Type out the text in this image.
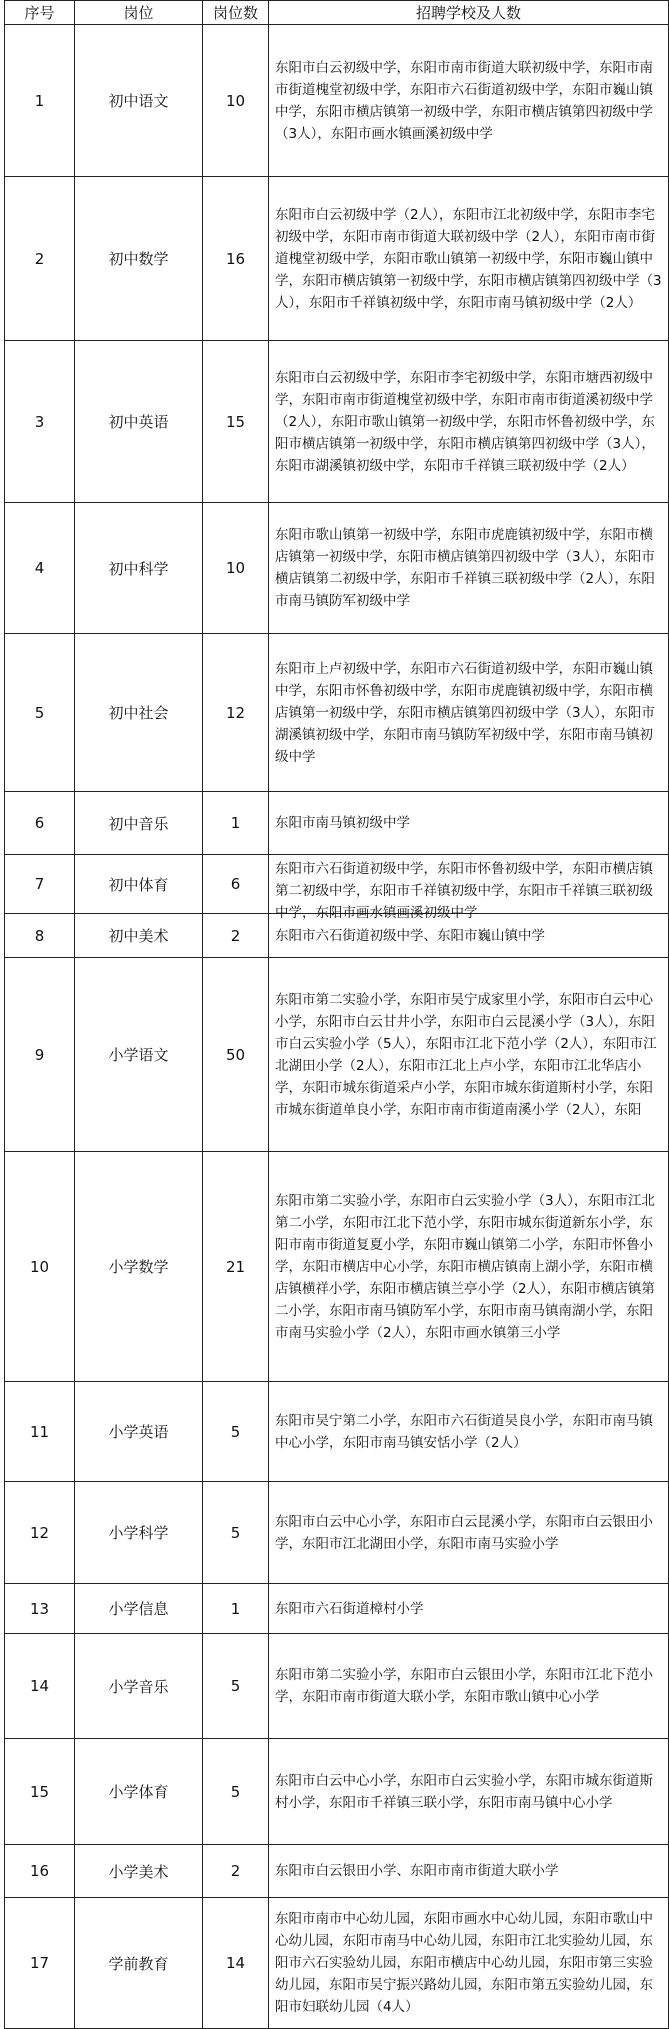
序号	岗位	岗位数	招聘学校及人数
1	初中语文	10	东阳市白云初级中学，东阳市南市街道大联初级中学，东阳市南市街道槐堂初级中学，东阳市六石街道初级中学，东阳市巍山镇中学，东阳市横店镇第一初级中学，东阳市横店镇第四初级中学（3人），东阳市画水镇画溪初级中学
2	初中数学	16	东阳市白云初级中学（2人），东阳市江北初级中学，东阳市李宅初级中学，东阳市南市街道大联初级中学（2人），东阳市南市街道槐堂初级中学，东阳市歌山镇第一初级中学，东阳市巍山镇中学，东阳市横店镇第一初级中学，东阳市横店镇第四初级中学（3人），东阳市千祥镇初级中学，东阳市南马镇初级中学（2人）
3	初中英语	15	东阳市白云初级中学，东阳市李宅初级中学，东阳市塘西初级中学，东阳市南市街道槐堂初级中学，东阳市南市街道溪初级中学（2人），东阳市歌山镇第一初级中学，东阳市怀鲁初级中学，东阳市横店镇第一初级中学，东阳市横店镇第四初级中学（3人），东阳市湖溪镇初级中学，东阳市千祥镇三联初级中学（2人）
4	初中科学	10	东阳市歌山镇第一初级中学，东阳市虎鹿镇初级中学，东阳市横店镇第一初级中学，东阳市横店镇第四初级中学（3人），东阳市横店镇第二初级中学，东阳市千祥镇三联初级中学（2人），东阳市南马镇防军初级中学
5	初中社会	12	东阳市上卢初级中学，东阳市六石街道初级中学，东阳市巍山镇中学，东阳市怀鲁初级中学，东阳市虎鹿镇初级中学，东阳市横店镇第一初级中学，东阳市横店镇第四初级中学（3人），东阳市湖溪镇初级中学，东阳市南马镇防军初级中学，东阳市南马镇初级中学
6	初中音乐	1	东阳市南马镇初级中学
7	初中体育	6	东阳市六石街道初级中学，东阳市怀鲁初级中学，东阳市横店镇第二初级中学，东阳市千祥镇初级中学，东阳市千祥镇三联初级中学，东阳市画水镇画溪初级中学

8	初中美术	2	东阳市六石街道初级中学、东阳市巍山镇中学
9	小学语文	50	东阳市第二实验小学，东阳市吴宁成家里小学，东阳市白云中心小学，东阳市白云甘井小学，东阳市白云昆溪小学（3人），东阳市白云实验小学（5人），东阳市江北下范小学（2人），东阳市江北湖田小学（2人），东阳市江北上卢小学，东阳市江北华店小学，东阳市城东街道采卢小学，东阳市城东街道斯村小学，东阳市城东街道单良小学，东阳市南市街道南溪小学（2人），东阳

10	小学数学	21	东阳市第二实验小学，东阳市白云实验小学（3人），东阳市江北第二小学，东阳市江北下范小学，东阳市城东街道新东小学，东阳市南市街道复夏小学，东阳市巍山镇第二小学，东阳市怀鲁小学，东阳市横店中心小学，东阳市横店镇南上湖小学，东阳市横店镇横祥小学，东阳市横店镇兰亭小学（2人），东阳市横店镇第二小学，东阳市南马镇防军小学，东阳市南马镇南湖小学，东阳市南马实验小学（2人），东阳市画水镇第三小学
11	小学英语	5	东阳市吴宁第二小学，东阳市六石街道吴良小学，东阳市南马镇中心小学，东阳市南马镇安恬小学（2人）
12	小学科学	5	东阳市白云中心小学，东阳市白云昆溪小学，东阳市白云银田小学，东阳市江北湖田小学，东阳市南马实验小学
13	小学信息	1	东阳市六石街道樟村小学
14	小学音乐	5	东阳市第二实验小学，东阳市白云银田小学，东阳市江北下范小学，东阳市南市街道大联小学，东阳市歌山镇中心小学
15	小学体育	5	东阳市白云中心小学，东阳市白云实验小学，东阳市城东街道斯村小学，东阳市千祥镇三联小学，东阳市南马镇中心小学
16	小学美术	2	东阳市白云银田小学、东阳市南市街道大联小学
17	学前教育	14	东阳市南市中心幼儿园，东阳市画水中心幼儿园，东阳市歌山中心幼儿园，东阳市南马中心幼儿园，东阳市江北实验幼儿园，东阳市六石实验幼儿园，东阳市横店中心幼儿园，东阳市第三实验幼儿园，东阳市吴宁振兴路幼儿园，东阳市第五实验幼儿园，东阳市妇联幼儿园（4人）
